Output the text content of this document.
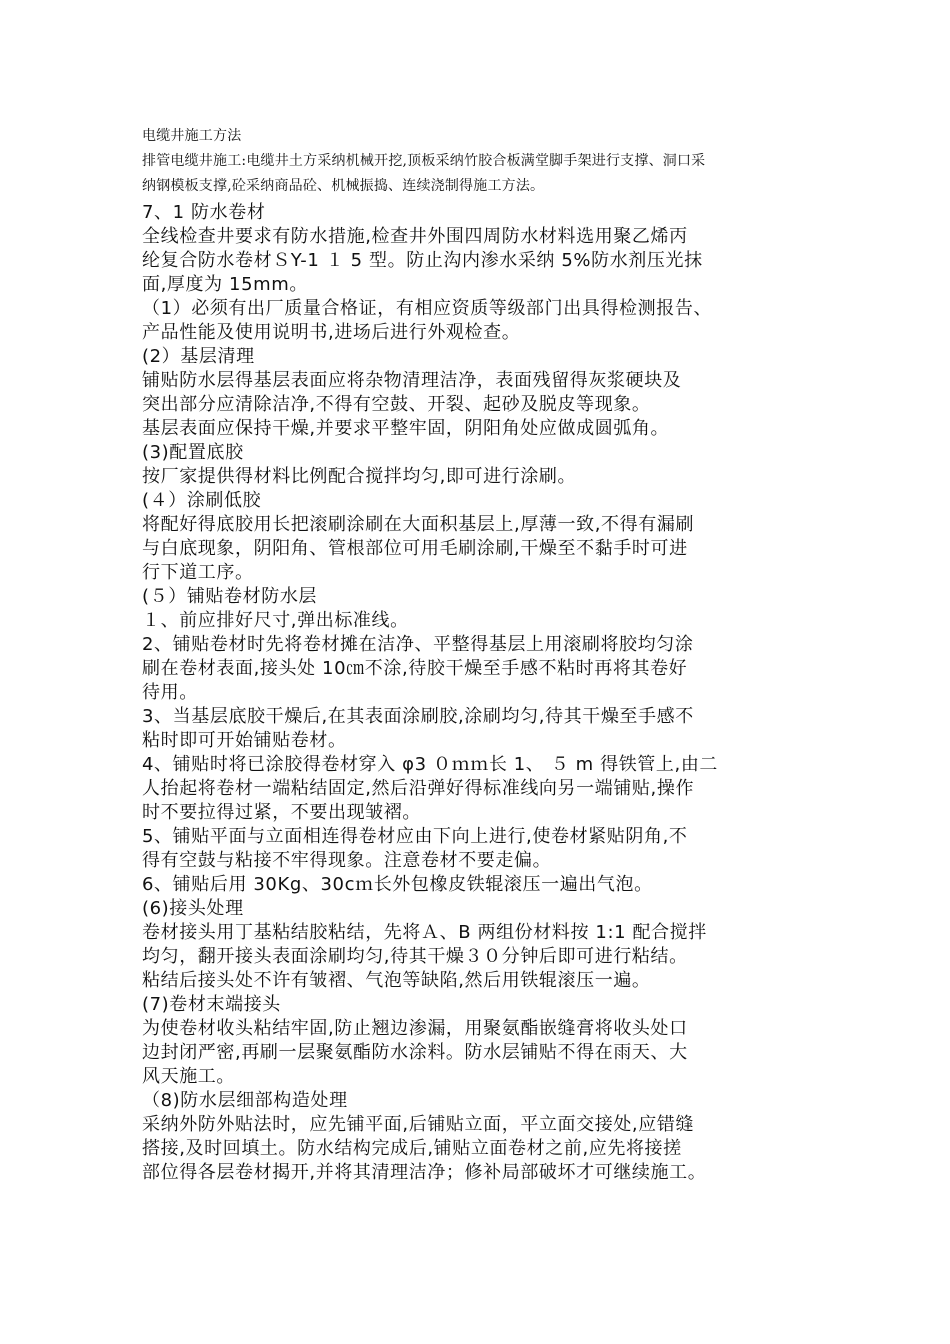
电缆井施工方法

排管电缆井施工:电缆井土方采纳机械开挖,顶板采纳竹胶合板满堂脚手架进行支撑、洞口采

纳钢模板支撑,砼采纳商品砼、机械振捣、连续浇制得施工方法。

7、1 防水卷材

全线检查井要求有防水措施,检查井外围四周防水材料选用聚乙烯丙

纶复合防水卷材ＳY-1 １ 5 型。防止沟内渗水采纳 5%防水剂压光抹

面,厚度为 15mm。

（1）必须有出厂质量合格证，有相应资质等级部门出具得检测报告、

产品性能及使用说明书,进场后进行外观检查。

(2）基层清理

铺贴防水层得基层表面应将杂物清理洁净，表面残留得灰浆硬块及

突出部分应清除洁净,不得有空鼓、开裂、起砂及脱皮等现象。

基层表面应保持干燥,并要求平整牢固，阴阳角处应做成圆弧角。

(3)配置底胶

按厂家提供得材料比例配合搅拌均匀,即可进行涂刷。

(４）涂刷低胶

将配好得底胶用长把滚刷涂刷在大面积基层上,厚薄一致,不得有漏刷

与白底现象，阴阳角、管根部位可用毛刷涂刷,干燥至不黏手时可进

行下道工序。

(５）铺贴卷材防水层

１、前应排好尺寸,弹出标准线。

2、铺贴卷材时先将卷材摊在洁净、平整得基层上用滚刷将胶均匀涂

刷在卷材表面,接头处 10㎝不涂,待胶干燥至手感不粘时再将其卷好

待用。

3、当基层底胶干燥后,在其表面涂刷胶,涂刷均匀,待其干燥至手感不

粘时即可开始铺贴卷材。

4、铺贴时将已涂胶得卷材穿入 φ3 ０ｍｍ长 1、 ５ m 得铁管上,由二

人抬起将卷材一端粘结固定,然后沿弹好得标准线向另一端铺贴,操作

时不要拉得过紧，不要出现皱褶。

5、铺贴平面与立面相连得卷材应由下向上进行,使卷材紧贴阴角,不

得有空鼓与粘接不牢得现象。注意卷材不要走偏。

6、铺贴后用 30Kg、30cｍ长外包橡皮铁辊滚压一遍出气泡。

(6)接头处理

卷材接头用丁基粘结胶粘结，先将Ａ、B 两组份材料按 1:1 配合搅拌

均匀，翻开接头表面涂刷均匀,待其干燥３０分钟后即可进行粘结。

粘结后接头处不许有皱褶、气泡等缺陷,然后用铁辊滚压一遍。

(7)卷材末端接头

为使卷材收头粘结牢固,防止翘边渗漏，用聚氨酯嵌缝膏将收头处口

边封闭严密,再刷一层聚氨酯防水涂料。防水层铺贴不得在雨天、大

风天施工。

（8)防水层细部构造处理

采纳外防外贴法时，应先铺平面,后铺贴立面，平立面交接处,应错缝

搭接,及时回填土。防水结构完成后,铺贴立面卷材之前,应先将接搓

部位得各层卷材揭开,并将其清理洁净；修补局部破坏才可继续施工。
